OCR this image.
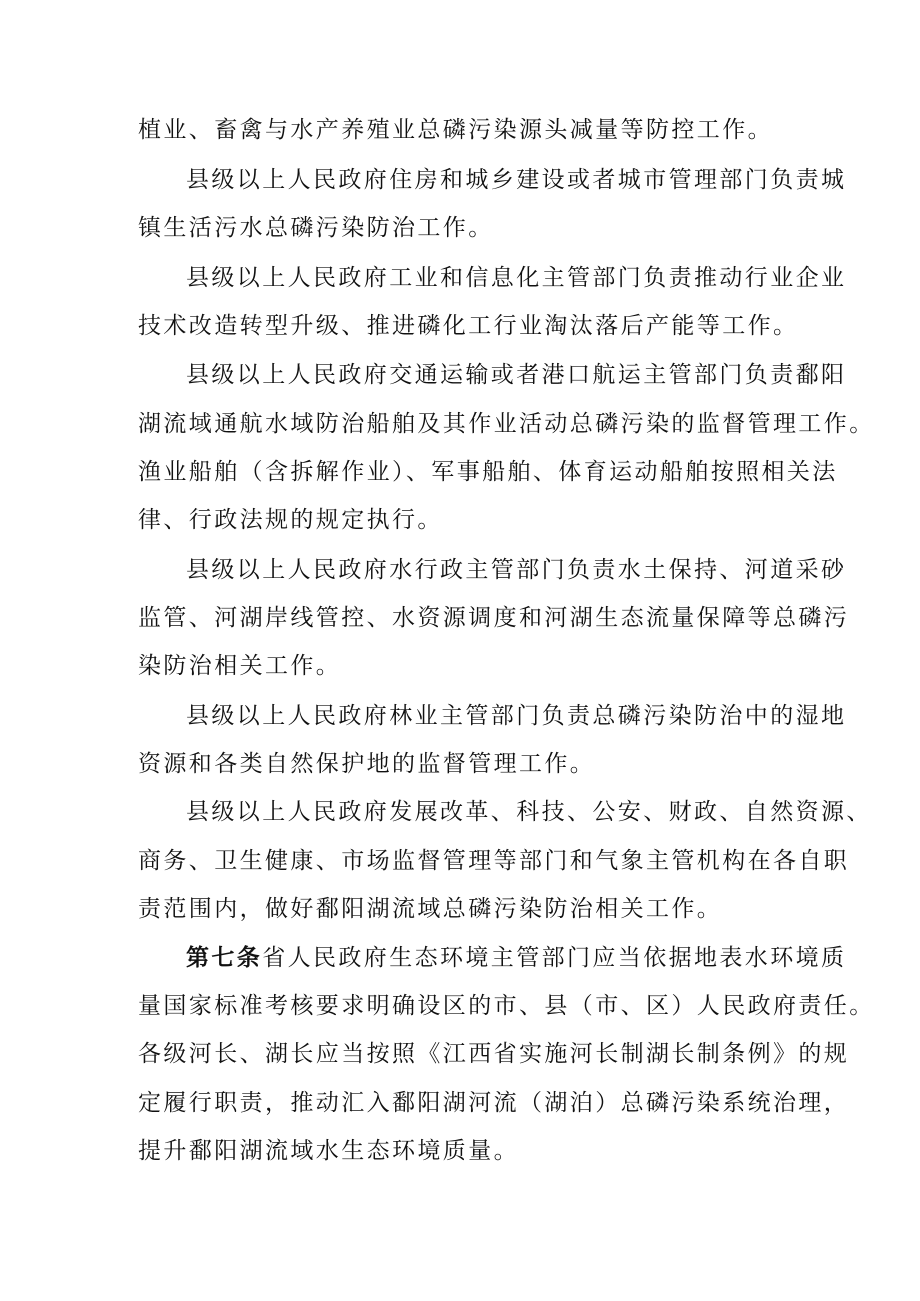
植业、畜禽与水产养殖业总磷污染源头减量等防控工作。
县级以上人民政府住房和城乡建设或者城市管理部门负责城
镇生活污水总磷污染防治工作。
县级以上人民政府工业和信息化主管部门负责推动行业企业
技术改造转型升级、推进磷化工行业淘汰落后产能等工作。
县级以上人民政府交通运输或者港口航运主管部门负责鄱阳
湖流域通航水域防治船舶及其作业活动总磷污染的监督管理工作。
渔业船舶（含拆解作业）、军事船舶、体育运动船舶按照相关法
律、行政法规的规定执行。
县级以上人民政府水行政主管部门负责水土保持、河道采砂
监管、河湖岸线管控、水资源调度和河湖生态流量保障等总磷污
染防治相关工作。
县级以上人民政府林业主管部门负责总磷污染防治中的湿地
资源和各类自然保护地的监督管理工作。
县级以上人民政府发展改革、科技、公安、财政、自然资源、
商务、卫生健康、市场监督管理等部门和气象主管机构在各自职
责范围内，做好鄱阳湖流域总磷污染防治相关工作。
第七条省人民政府生态环境主管部门应当依据地表水环境质
量国家标准考核要求明确设区的市、县（市、区）人民政府责任。
各级河长、湖长应当按照《江西省实施河长制湖长制条例》的规
定履行职责，推动汇入鄱阳湖河流（湖泊）总磷污染系统治理，
提升鄱阳湖流域水生态环境质量。
